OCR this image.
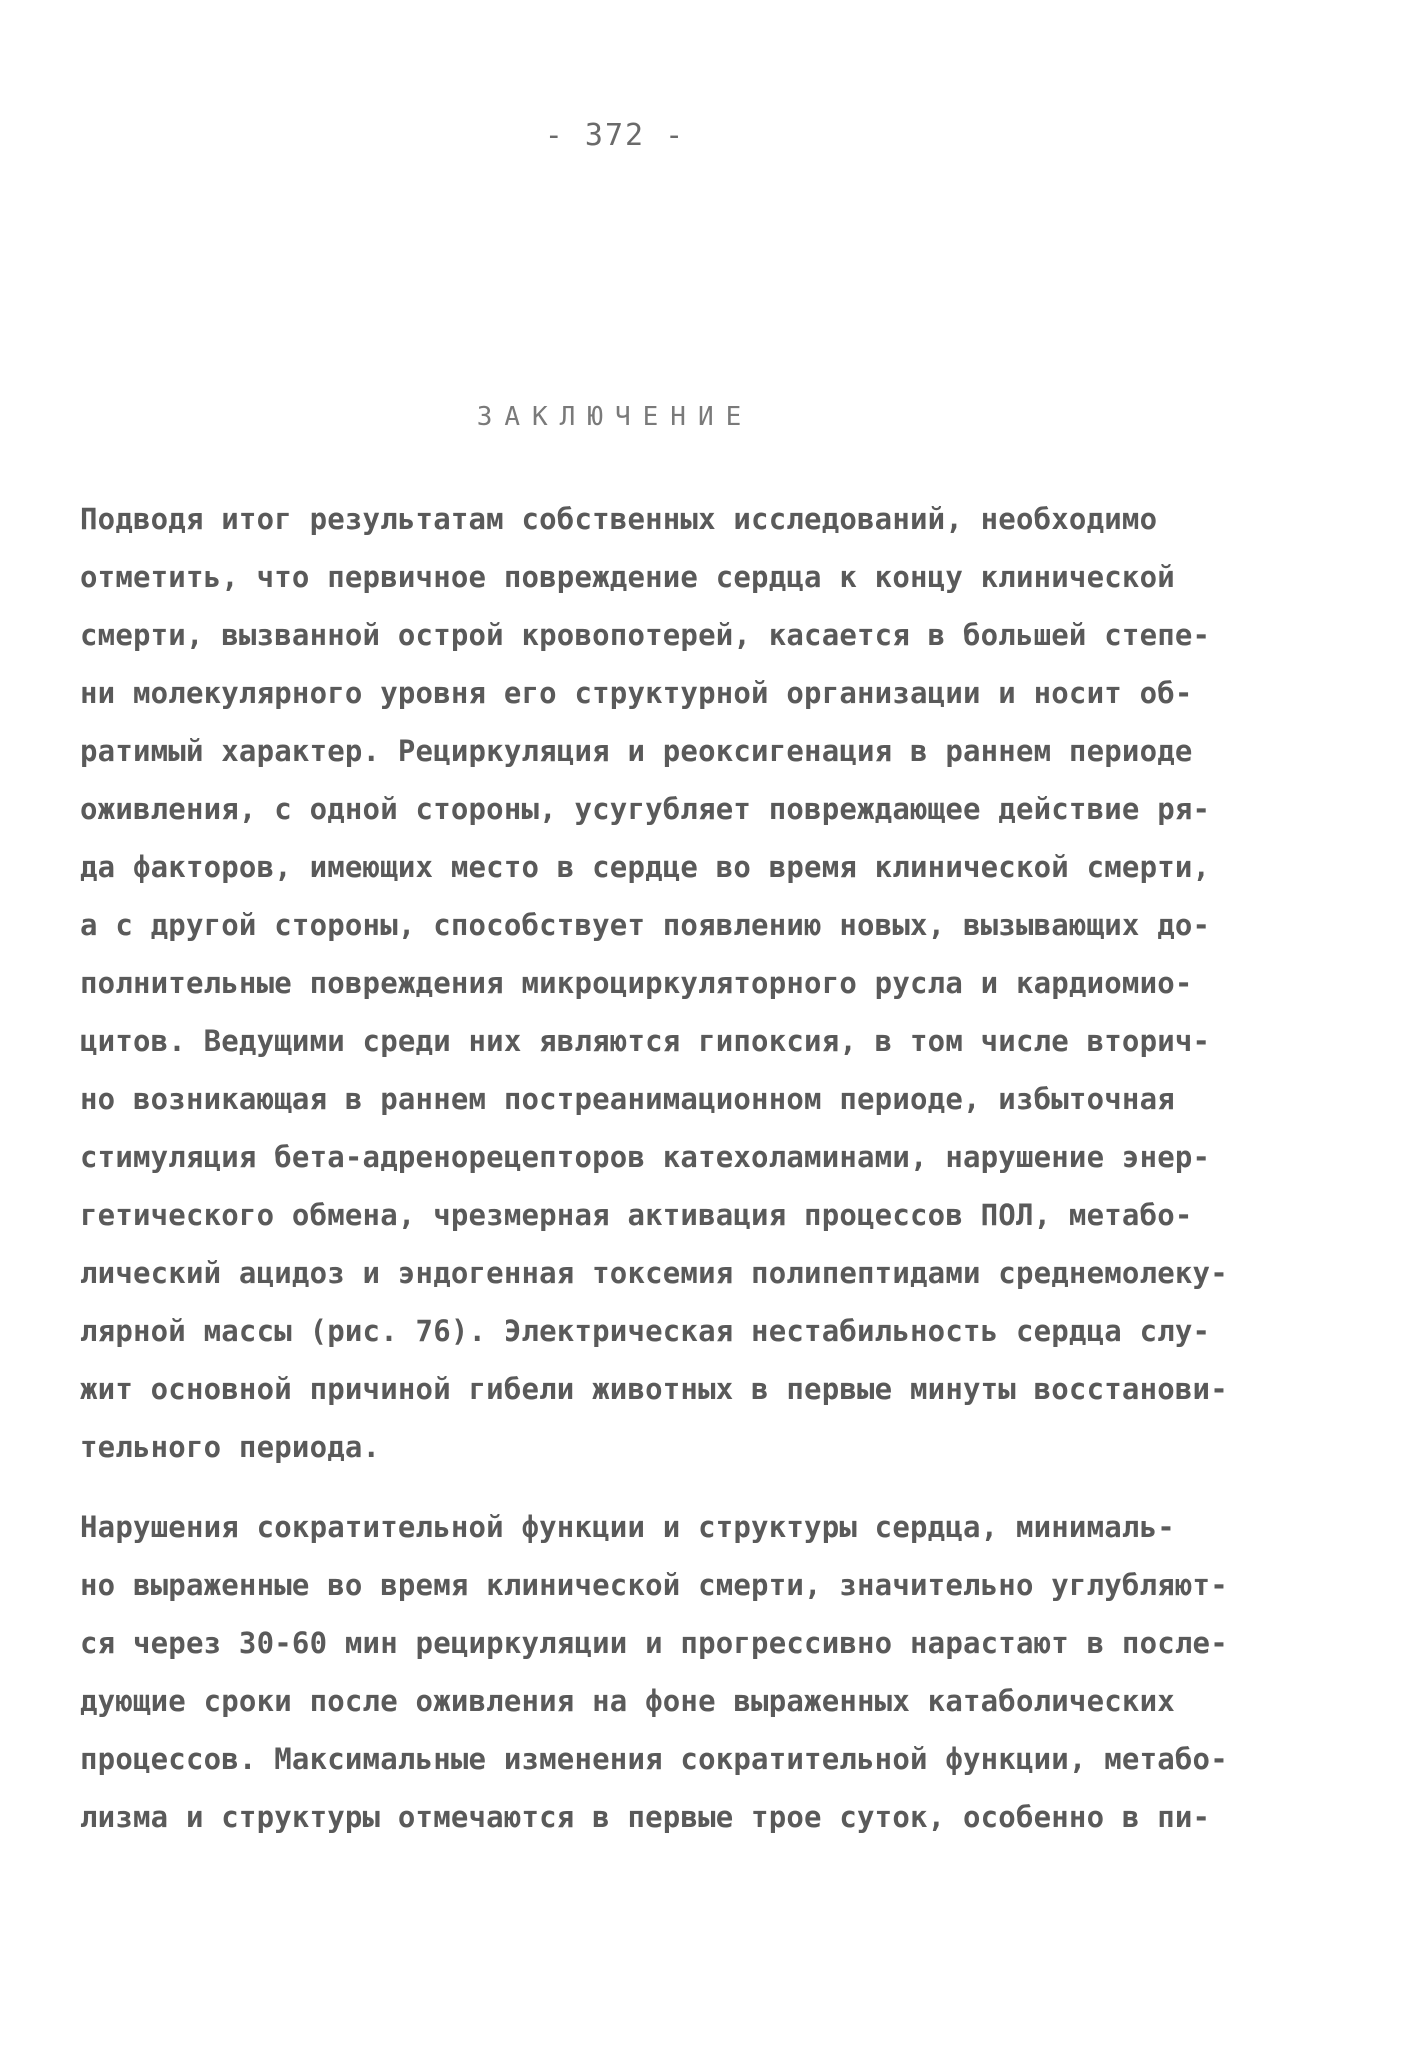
- 372 -
ЗАКЛЮЧЕНИЕ
Подводя итог результатам собственных исследований, необходимо
отметить, что первичное повреждение сердца к концу клинической
смерти, вызванной острой кровопотерей, касается в большей степе-
ни молекулярного уровня его структурной организации и носит об-
ратимый характер. Рециркуляция и реоксигенация в раннем периоде
оживления, с одной стороны, усугубляет повреждающее действие ря-
да факторов, имеющих место в сердце во время клинической смерти,
а с другой стороны, способствует появлению новых, вызывающих до-
полнительные повреждения микроциркуляторного русла и кардиомио-
цитов. Ведущими среди них являются гипоксия, в том числе вторич-
но возникающая в раннем постреанимационном периоде, избыточная
стимуляция бета-адренорецепторов катехоламинами, нарушение энер-
гетического обмена, чрезмерная активация процессов ПОЛ, метабо-
лический ацидоз и эндогенная токсемия полипептидами среднемолеку-
лярной массы (рис. 76). Электрическая нестабильность сердца слу-
жит основной причиной гибели животных в первые минуты восстанови-
тельного периода.
Нарушения сократительной функции и структуры сердца, минималь-
но выраженные во время клинической смерти, значительно углубляют-
ся через 30-60 мин рециркуляции и прогрессивно нарастают в после-
дующие сроки после оживления на фоне выраженных катаболических
процессов. Максимальные изменения сократительной функции, метабо-
лизма и структуры отмечаются в первые трое суток, особенно в пи-
